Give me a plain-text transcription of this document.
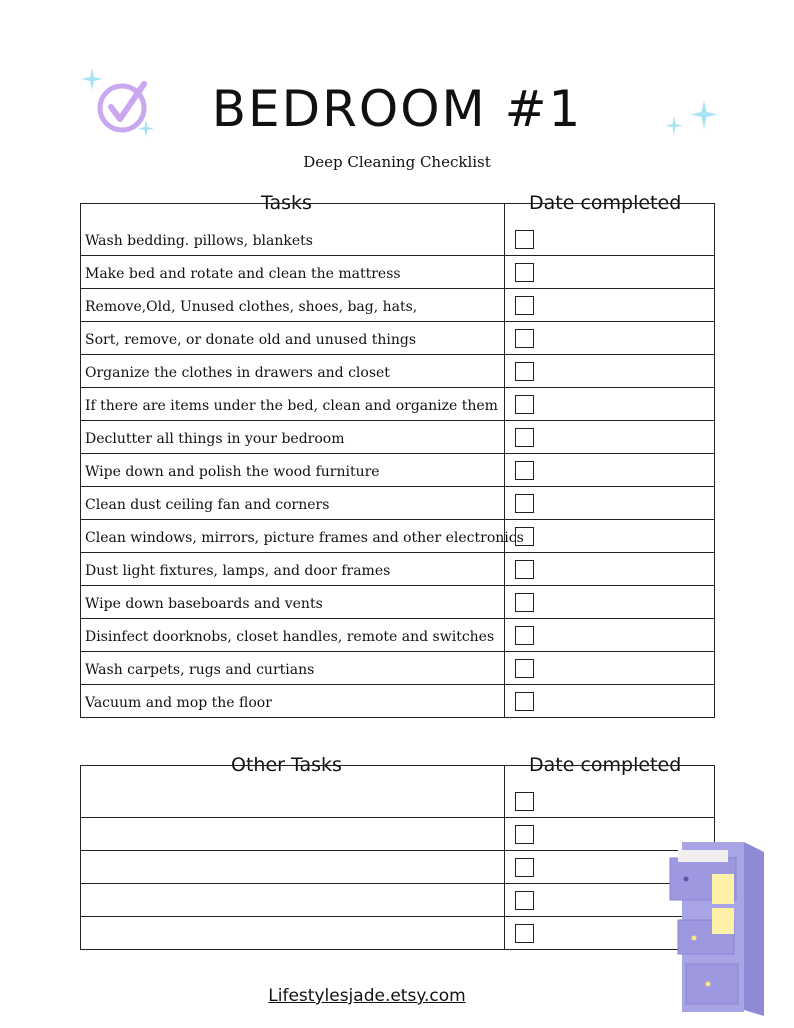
BEDROOM #1
Deep Cleaning Checklist
Tasks	Date completed
Wash bedding. pillows, blankets
Make bed and rotate and clean the mattress
Remove,Old, Unused clothes, shoes, bag, hats,
Sort, remove, or donate old and unused things
Organize the clothes in drawers and closet
If there are items under the bed, clean and organize them
Declutter all things in your bedroom
Wipe down and polish the wood furniture
Clean dust ceiling fan and corners
Clean windows, mirrors, picture frames and other electronics
Dust light fixtures, lamps, and door frames
Wipe down baseboards and vents
Disinfect doorknobs, closet handles, remote and switches
Wash carpets, rugs and curtians
Vacuum and mop the floor
Other Tasks	Date completed
Lifestylesjade.etsy.com
